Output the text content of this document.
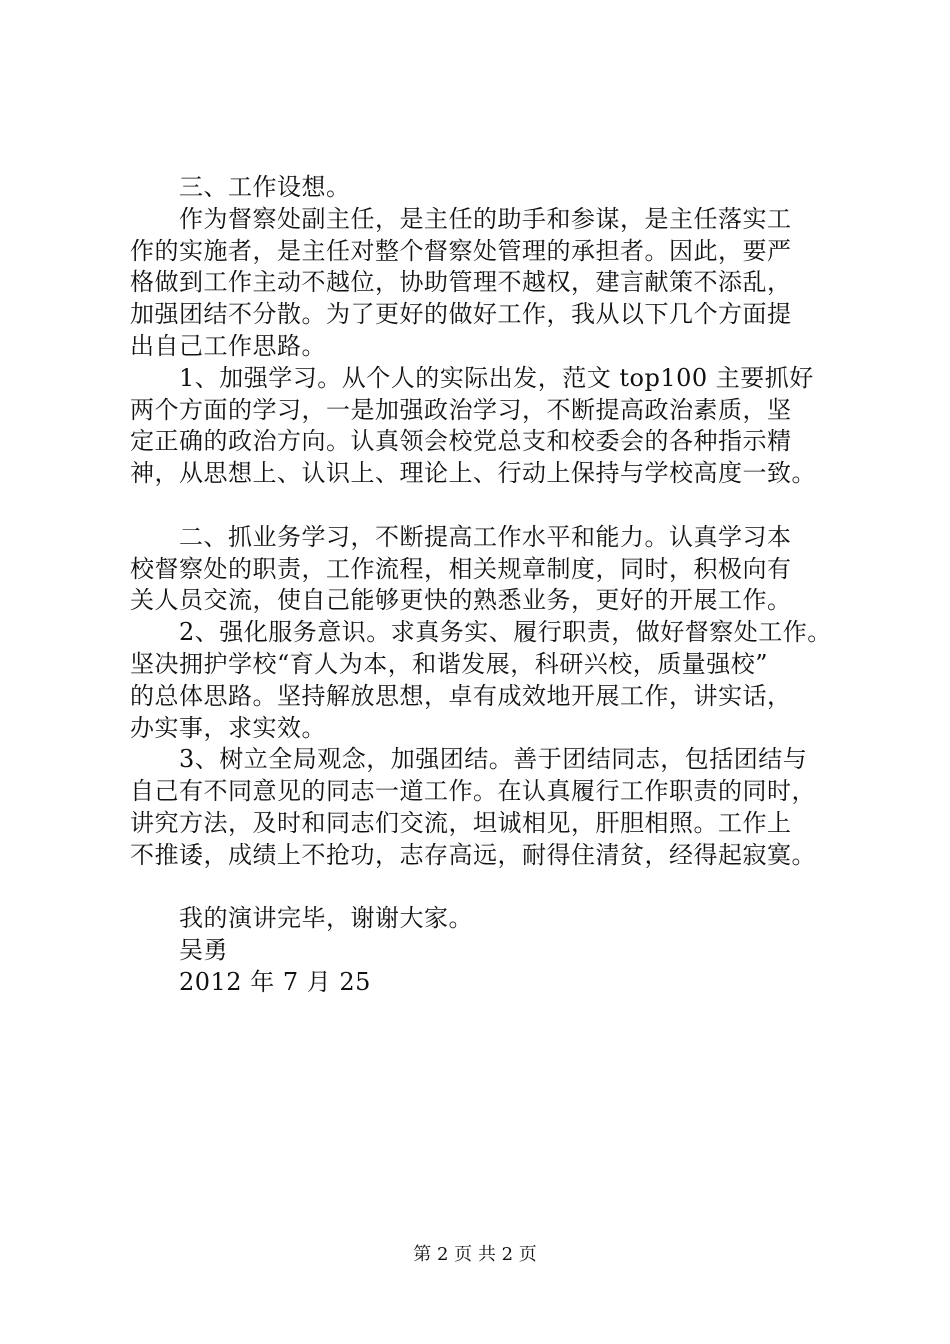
　　三、工作设想。
　　作为督察处副主任，是主任的助手和参谋，是主任落实工
作的实施者，是主任对整个督察处管理的承担者。因此，要严
格做到工作主动不越位，协助管理不越权，建言献策不添乱，
加强团结不分散。为了更好的做好工作，我从以下几个方面提
出自己工作思路。
　　1、加强学习。从个人的实际出发，范文 top100 主要抓好
两个方面的学习，一是加强政治学习，不断提高政治素质，坚
定正确的政治方向。认真领会校党总支和校委会的各种指示精
神，从思想上、认识上、理论上、行动上保持与学校高度一致。
　　二、抓业务学习，不断提高工作水平和能力。认真学习本
校督察处的职责，工作流程，相关规章制度，同时，积极向有
关人员交流，使自己能够更快的熟悉业务，更好的开展工作。
　　2、强化服务意识。求真务实、履行职责，做好督察处工作。
坚决拥护学校“育人为本，和谐发展，科研兴校，质量强校”
的总体思路。坚持解放思想，卓有成效地开展工作，讲实话，
办实事，求实效。
　　3、树立全局观念，加强团结。善于团结同志，包括团结与
自己有不同意见的同志一道工作。在认真履行工作职责的同时，
讲究方法，及时和同志们交流，坦诚相见，肝胆相照。工作上
不推诿，成绩上不抢功，志存高远，耐得住清贫，经得起寂寞。
　　我的演讲完毕，谢谢大家。
　　吴勇
　　2012 年 7 月 25
第 2 页 共 2 页
